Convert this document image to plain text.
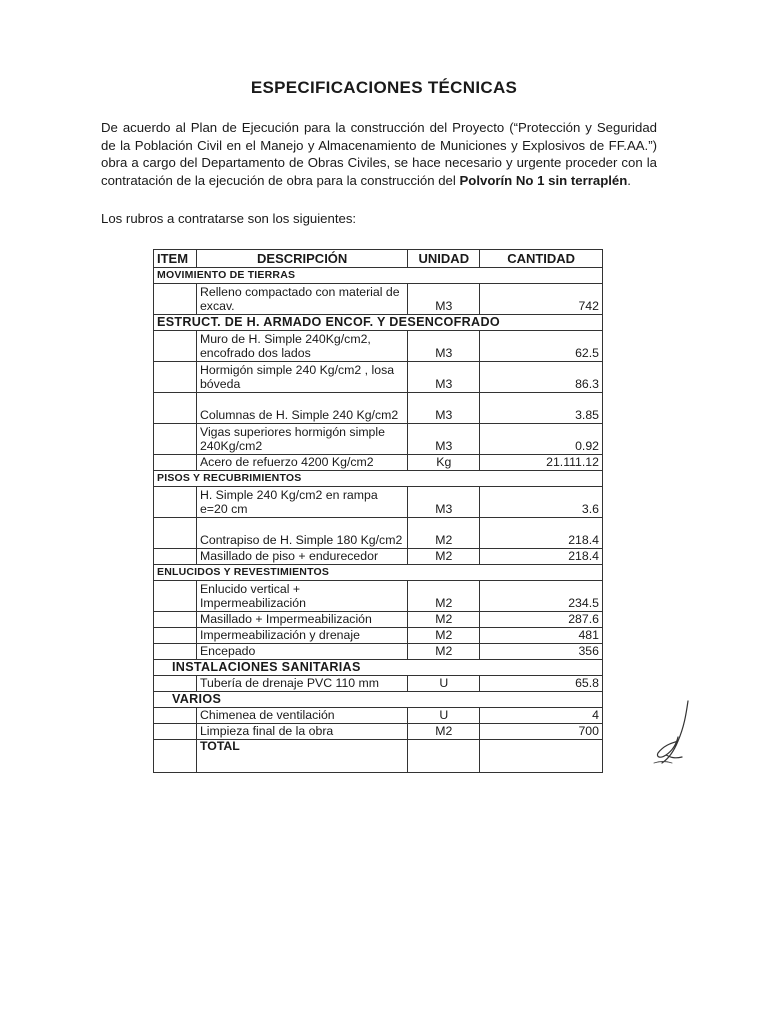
ESPECIFICACIONES TÉCNICAS
De acuerdo al Plan de Ejecución para la construcción del Proyecto (“Protección y Seguridad de la Población Civil en el Manejo y Almacenamiento de Municiones y Explosivos de FF.AA.”) obra a cargo del Departamento de Obras Civiles, se hace necesario y urgente proceder con la contratación de la ejecución de obra para la construcción del Polvorín No 1 sin terraplén.
Los rubros a contratarse son los siguientes:
ITEM	DESCRIPCIÓN	UNIDAD	CANTIDAD
MOVIMIENTO DE TIERRAS			
	Relleno compactado con material de excav.	M3	742
ESTRUCT. DE H. ARMADO ENCOF. Y DESENCOFRADO			
	Muro de H. Simple 240Kg/cm2, encofrado dos lados	M3	62.5
	Hormigón simple 240 Kg/cm2 , losa bóveda	M3	86.3
	Columnas de H. Simple 240 Kg/cm2	M3	3.85
	Vigas superiores hormigón simple 240Kg/cm2	M3	0.92
	Acero de refuerzo 4200 Kg/cm2	Kg	21.111.12
PISOS Y RECUBRIMIENTOS			
	H. Simple 240 Kg/cm2 en rampa e=20 cm	M3	3.6
	Contrapiso de H. Simple 180 Kg/cm2	M2	218.4
	Masillado de piso + endurecedor	M2	218.4
ENLUCIDOS Y REVESTIMIENTOS			
	Enlucido vertical + Impermeabilización	M2	234.5
	Masillado + Impermeabilización	M2	287.6
	Impermeabilización y drenaje	M2	481
	Encepado	M2	356
INSTALACIONES SANITARIAS			
	Tubería de drenaje PVC 110 mm	U	65.8
VARIOS			
	Chimenea de ventilación	U	4
	Limpieza final de la obra	M2	700
	TOTAL		
